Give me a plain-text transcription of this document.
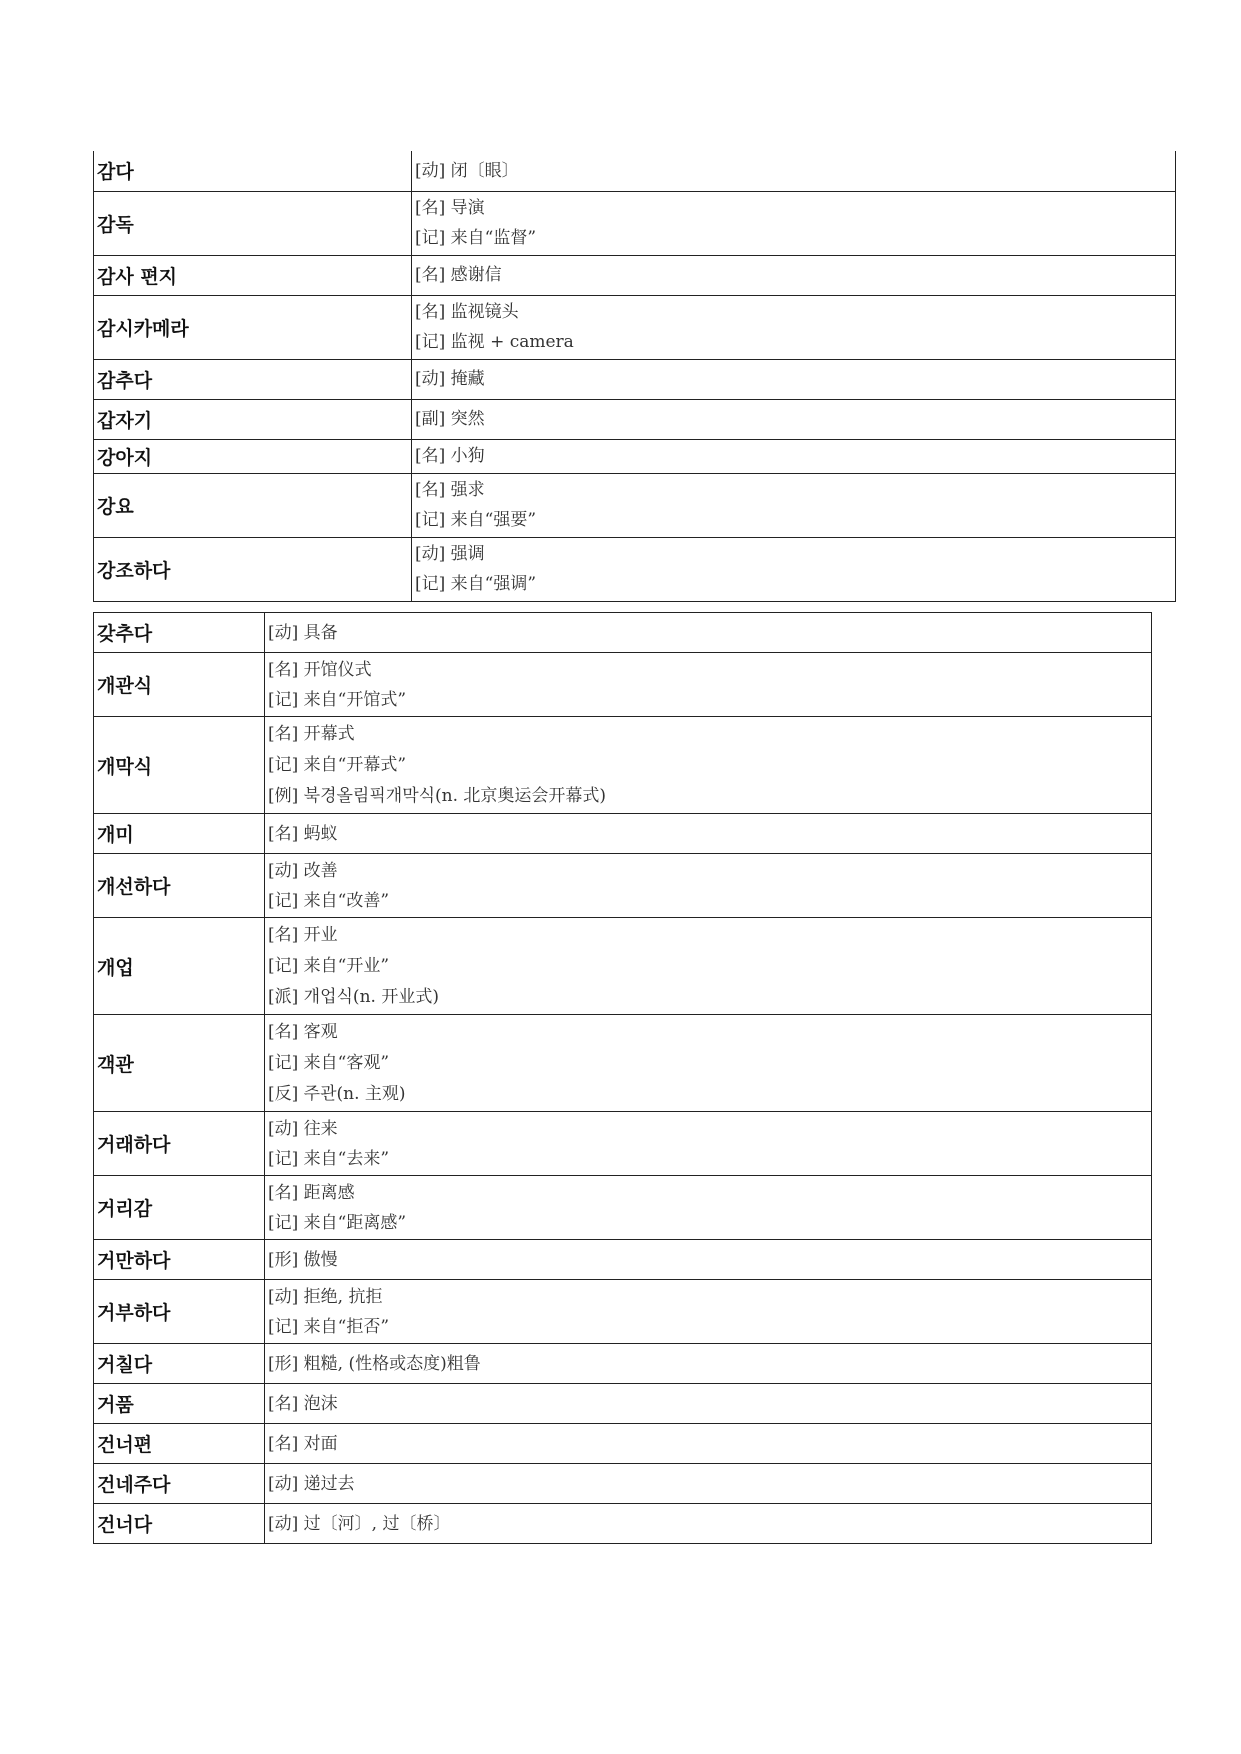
감다	[动] 闭〔眼〕

감독	[名] 导演
[记] 来自“监督”

감사 편지	[名] 感谢信

감시카메라	[名] 监视镜头
[记] 监视 + camera

감추다	[动] 掩藏

갑자기	[副] 突然

강아지	[名] 小狗

강요	[名] 强求
[记] 来自“强要”

강조하다	[动] 强调
[记] 来自“强调”
갖추다	[动] 具备

개관식	[名] 开馆仪式
[记] 来自“开馆式”

개막식	[名] 开幕式
[记] 来自“开幕式”
[例] 북경올림픽개막식(n. 北京奥运会开幕式)

개미	[名] 蚂蚁

개선하다	[动] 改善
[记] 来自“改善”

개업	[名] 开业
[记] 来自“开业”
[派] 개업식(n. 开业式)

객관	[名] 客观
[记] 来自“客观”
[反] 주관(n. 主观)

거래하다	[动] 往来
[记] 来自“去来”

거리감	[名] 距离感
[记] 来自“距离感”

거만하다	[形] 傲慢

거부하다	[动] 拒绝, 抗拒
[记] 来自“拒否”

거칠다	[形] 粗糙, (性格或态度)粗鲁

거품	[名] 泡沫

건너편	[名] 对面

건네주다	[动] 递过去

건너다	[动] 过〔河〕, 过〔桥〕
